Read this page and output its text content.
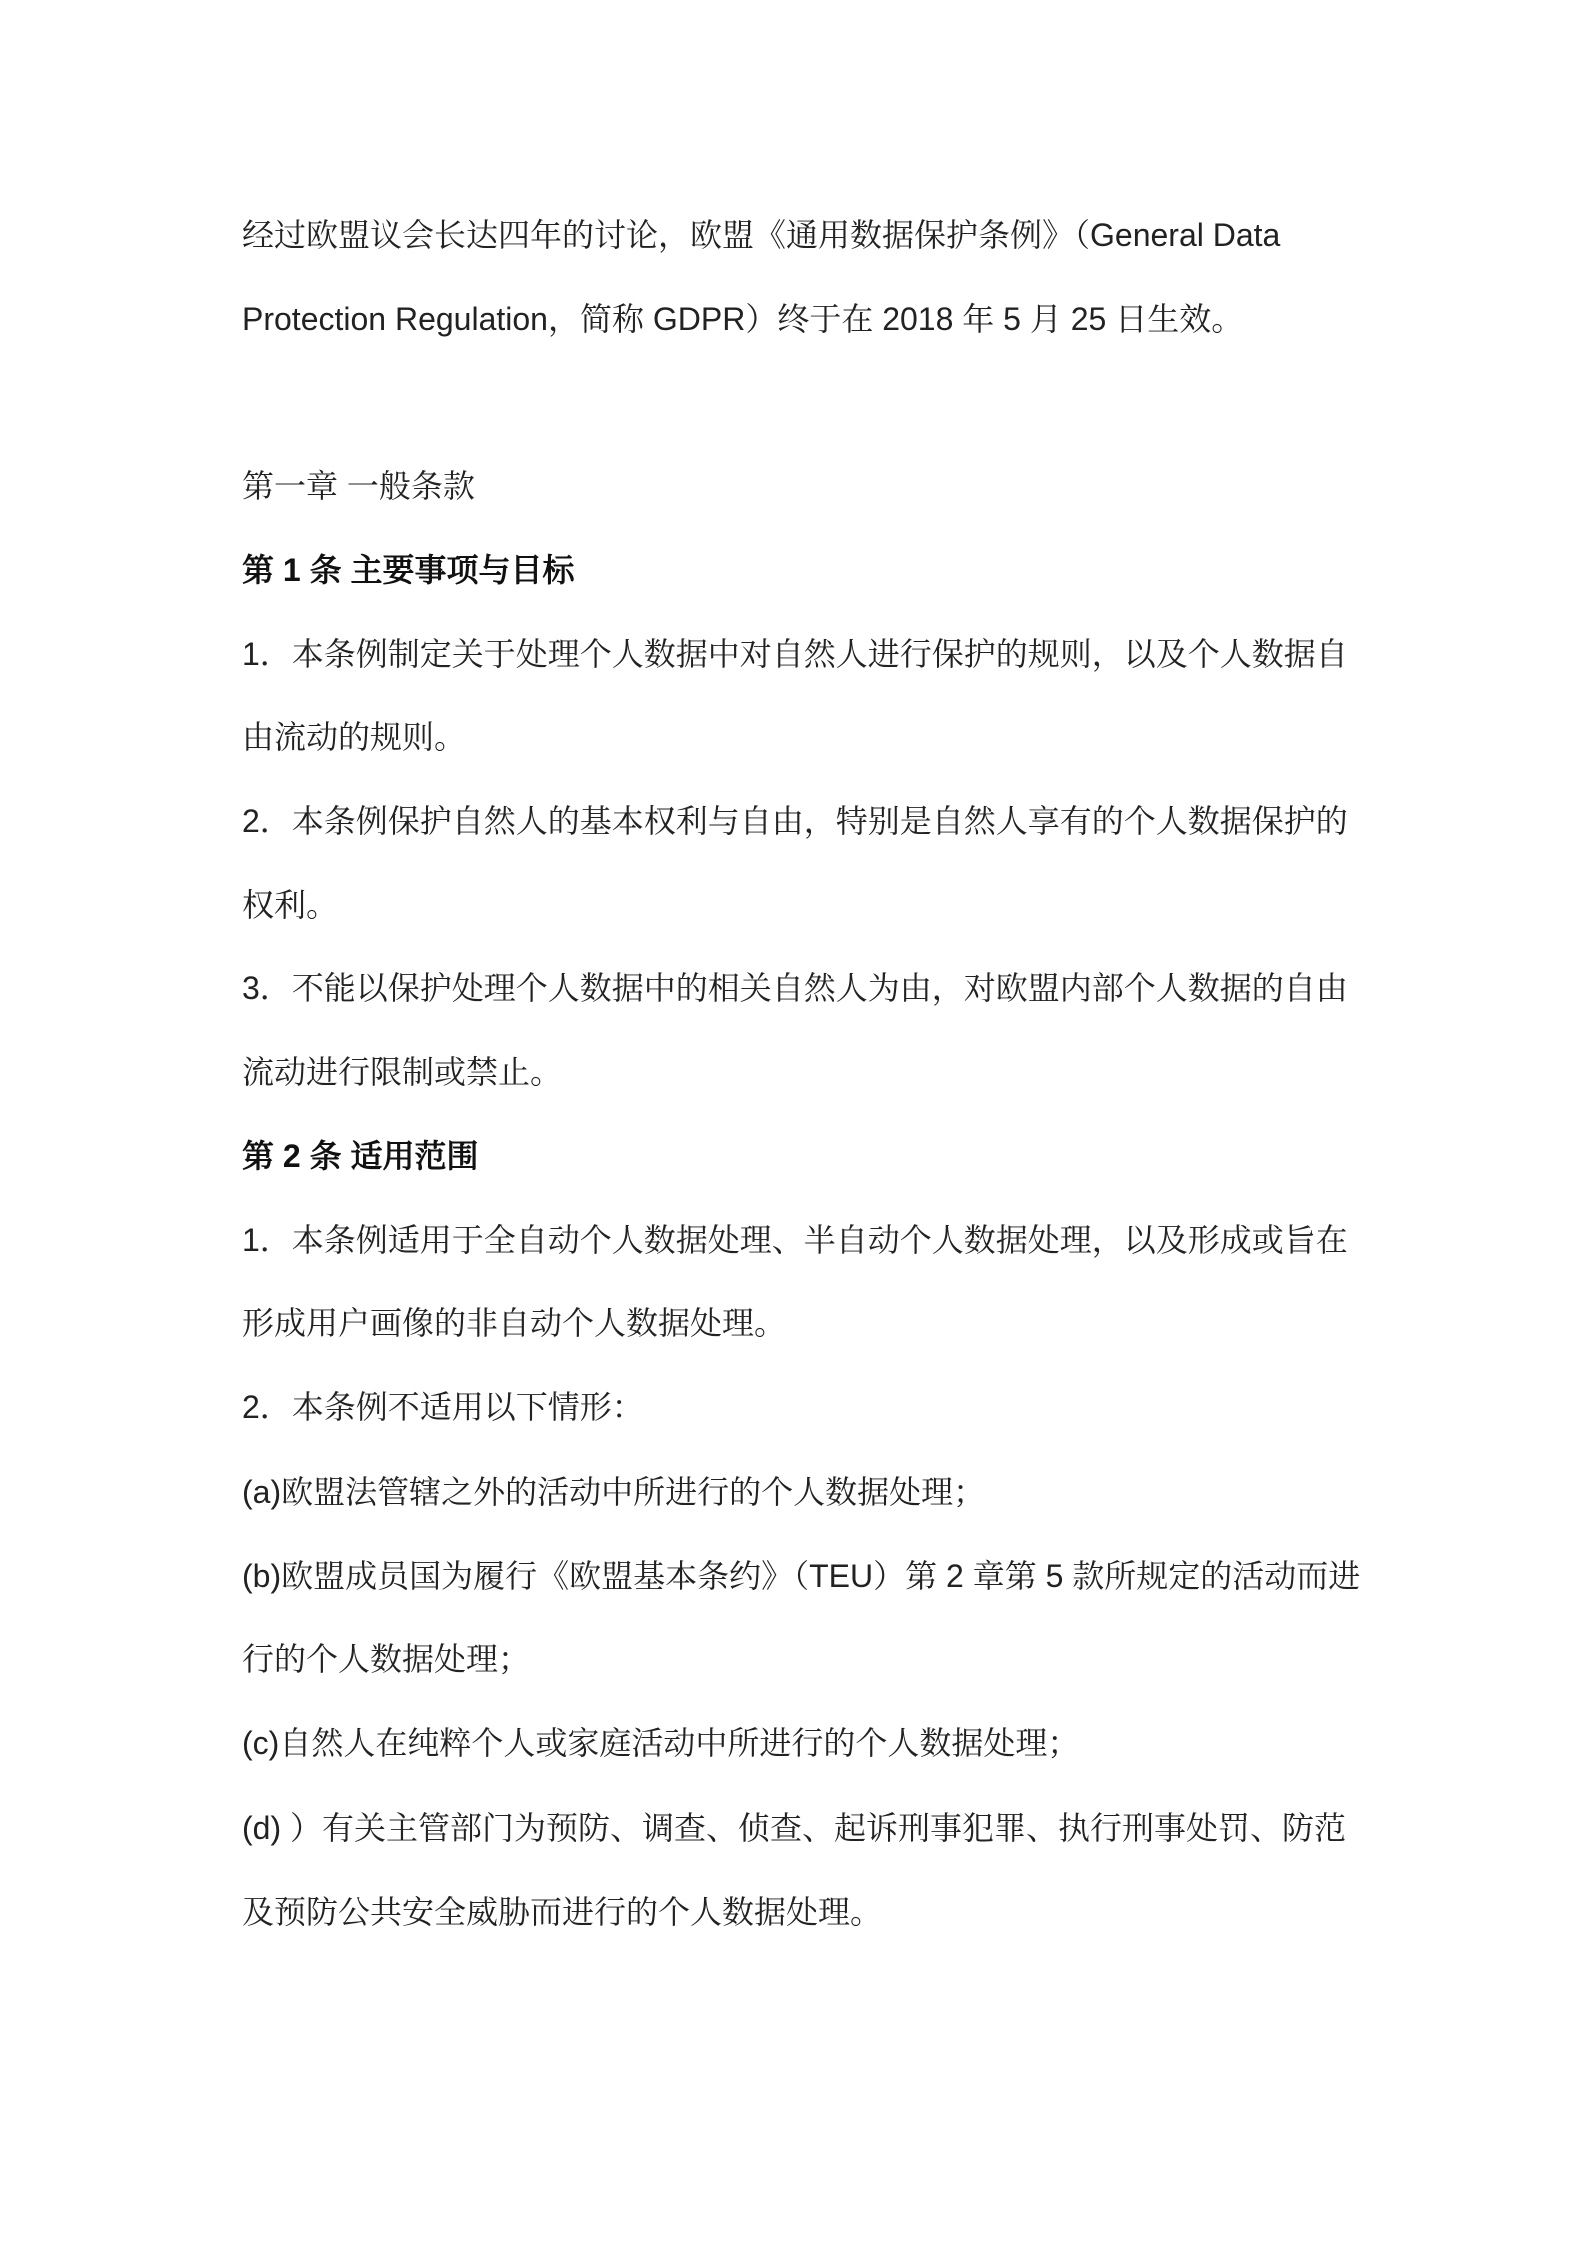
经过欧盟议会长达四年的讨论，欧盟《通用数据保护条例》（General Data
Protection Regulation，简称 GDPR）终于在 2018 年 5 月 25 日生效。
第一章 一般条款
第 1 条 主要事项与目标
1．本条例制定关于处理个人数据中对自然人进行保护的规则，以及个人数据自
由流动的规则。
2．本条例保护自然人的基本权利与自由，特别是自然人享有的个人数据保护的
权利。
3．不能以保护处理个人数据中的相关自然人为由，对欧盟内部个人数据的自由
流动进行限制或禁止。
第 2 条 适用范围
1．本条例适用于全自动个人数据处理、半自动个人数据处理，以及形成或旨在
形成用户画像的非自动个人数据处理。
2．本条例不适用以下情形：
(a)欧盟法管辖之外的活动中所进行的个人数据处理；
(b)欧盟成员国为履行《欧盟基本条约》（TEU）第 2 章第 5 款所规定的活动而进
行的个人数据处理；
(c)自然人在纯粹个人或家庭活动中所进行的个人数据处理；
(d) ）有关主管部门为预防、调查、侦查、起诉刑事犯罪、执行刑事处罚、防范
及预防公共安全威胁而进行的个人数据处理。
